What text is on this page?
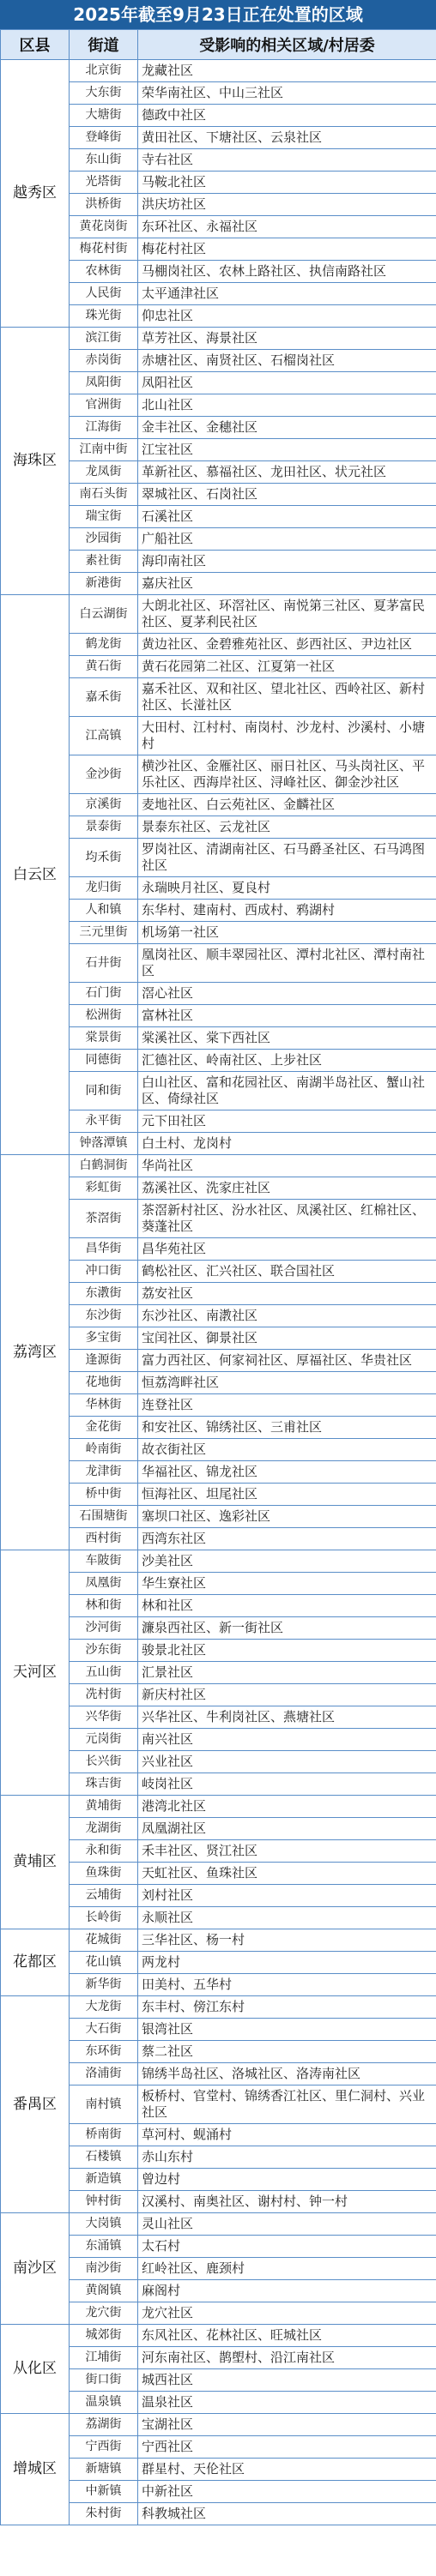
2025年截至9月23日正在处置的区域
区县	街道	受影响的相关区域/村居委
越秀区	北京街	龙藏社区
	大东街	荣华南社区、中山三社区
	大塘街	德政中社区
	登峰街	黄田社区、下塘社区、云泉社区
	东山街	寺右社区
	光塔街	马鞍北社区
	洪桥街	洪庆坊社区
	黄花岗街	东环社区、永福社区
	梅花村街	梅花村社区
	农林街	马棚岗社区、农林上路社区、执信南路社区
	人民街	太平通津社区
	珠光街	仰忠社区
海珠区	滨江街	草芳社区、海景社区
	赤岗街	赤塘社区、南贤社区、石榴岗社区
	凤阳街	凤阳社区
	官洲街	北山社区
	江海街	金丰社区、金穗社区
	江南中街	江宝社区
	龙凤街	革新社区、慕福社区、龙田社区、状元社区
	南石头街	翠城社区、石岗社区
	瑞宝街	石溪社区
	沙园街	广船社区
	素社街	海印南社区
	新港街	嘉庆社区
白云区	白云湖街	大朗北社区、环滘社区、南悦第三社区、夏茅富民社区、夏茅利民社区
	鹤龙街	黄边社区、金碧雅苑社区、彭西社区、尹边社区
	黄石街	黄石花园第二社区、江夏第一社区
	嘉禾街	嘉禾社区、双和社区、望北社区、西岭社区、新村社区、长湴社区
	江高镇	大田村、江村村、南岗村、沙龙村、沙溪村、小塘村
	金沙街	横沙社区、金雁社区、丽日社区、马头岗社区、平乐社区、西海岸社区、浔峰社区、御金沙社区
	京溪街	麦地社区、白云苑社区、金麟社区
	景泰街	景泰东社区、云龙社区
	均禾街	罗岗社区、清湖南社区、石马爵圣社区、石马鸿图社区
	龙归街	永瑞映月社区、夏良村
	人和镇	东华村、建南村、西成村、鸦湖村
	三元里街	机场第一社区
	石井街	凰岗社区、顺丰翠园社区、潭村北社区、潭村南社区
	石门街	滘心社区
	松洲街	富林社区
	棠景街	棠溪社区、棠下西社区
	同德街	汇德社区、岭南社区、上步社区
	同和街	白山社区、富和花园社区、南湖半岛社区、蟹山社区、倚绿社区
	永平街	元下田社区
	钟落潭镇	白土村、龙岗村
荔湾区	白鹤洞街	华尚社区
	彩虹街	荔溪社区、洗家庄社区
	茶滘街	茶滘新村社区、汾水社区、凤溪社区、红棉社区、葵蓬社区
	昌华街	昌华苑社区
	冲口街	鹤松社区、汇兴社区、联合国社区
	东漖街	荔安社区
	东沙街	东沙社区、南漖社区
	多宝街	宝闰社区、御景社区
	逢源街	富力西社区、何家祠社区、厚福社区、华贵社区
	花地街	恒荔湾畔社区
	华林街	连登社区
	金花街	和安社区、锦绣社区、三甫社区
	岭南街	故衣街社区
	龙津街	华福社区、锦龙社区
	桥中街	恒海社区、坦尾社区
	石围塘街	塞坝口社区、逸彩社区
	西村街	西湾东社区
天河区	车陂街	沙美社区
	凤凰街	华生寮社区
	林和街	林和社区
	沙河街	濂泉西社区、新一街社区
	沙东街	骏景北社区
	五山街	汇景社区
	冼村街	新庆村社区
	兴华街	兴华社区、牛利岗社区、燕塘社区
	元岗街	南兴社区
	长兴街	兴业社区
	珠吉街	岐岗社区
黄埔区	黄埔街	港湾北社区
	龙湖街	凤凰湖社区
	永和街	禾丰社区、贤江社区
	鱼珠街	天虹社区、鱼珠社区
	云埔街	刘村社区
	长岭街	永顺社区
花都区	花城街	三华社区、杨一村
	花山镇	两龙村
	新华街	田美村、五华村
番禺区	大龙街	东丰村、傍江东村
	大石街	银湾社区
	东环街	蔡二社区
	洛浦街	锦绣半岛社区、洛城社区、洛涛南社区
	南村镇	板桥村、官堂村、锦绣香江社区、里仁洞村、兴业社区
	桥南街	草河村、蚬涌村
	石楼镇	赤山东村
	新造镇	曾边村
	钟村街	汉溪村、南奥社区、谢村村、钟一村
南沙区	大岗镇	灵山社区
	东涌镇	太石村
	南沙街	红岭社区、鹿颈村
	黄阁镇	麻阁村
	龙穴街	龙穴社区
从化区	城郊街	东风社区、花林社区、旺城社区
	江埔街	河东南社区、鹊塱村、沿江南社区
	街口街	城西社区
	温泉镇	温泉社区
增城区	荔湖街	宝湖社区
	宁西街	宁西社区
	新塘镇	群星村、天伦社区
	中新镇	中新社区
	朱村街	科教城社区
